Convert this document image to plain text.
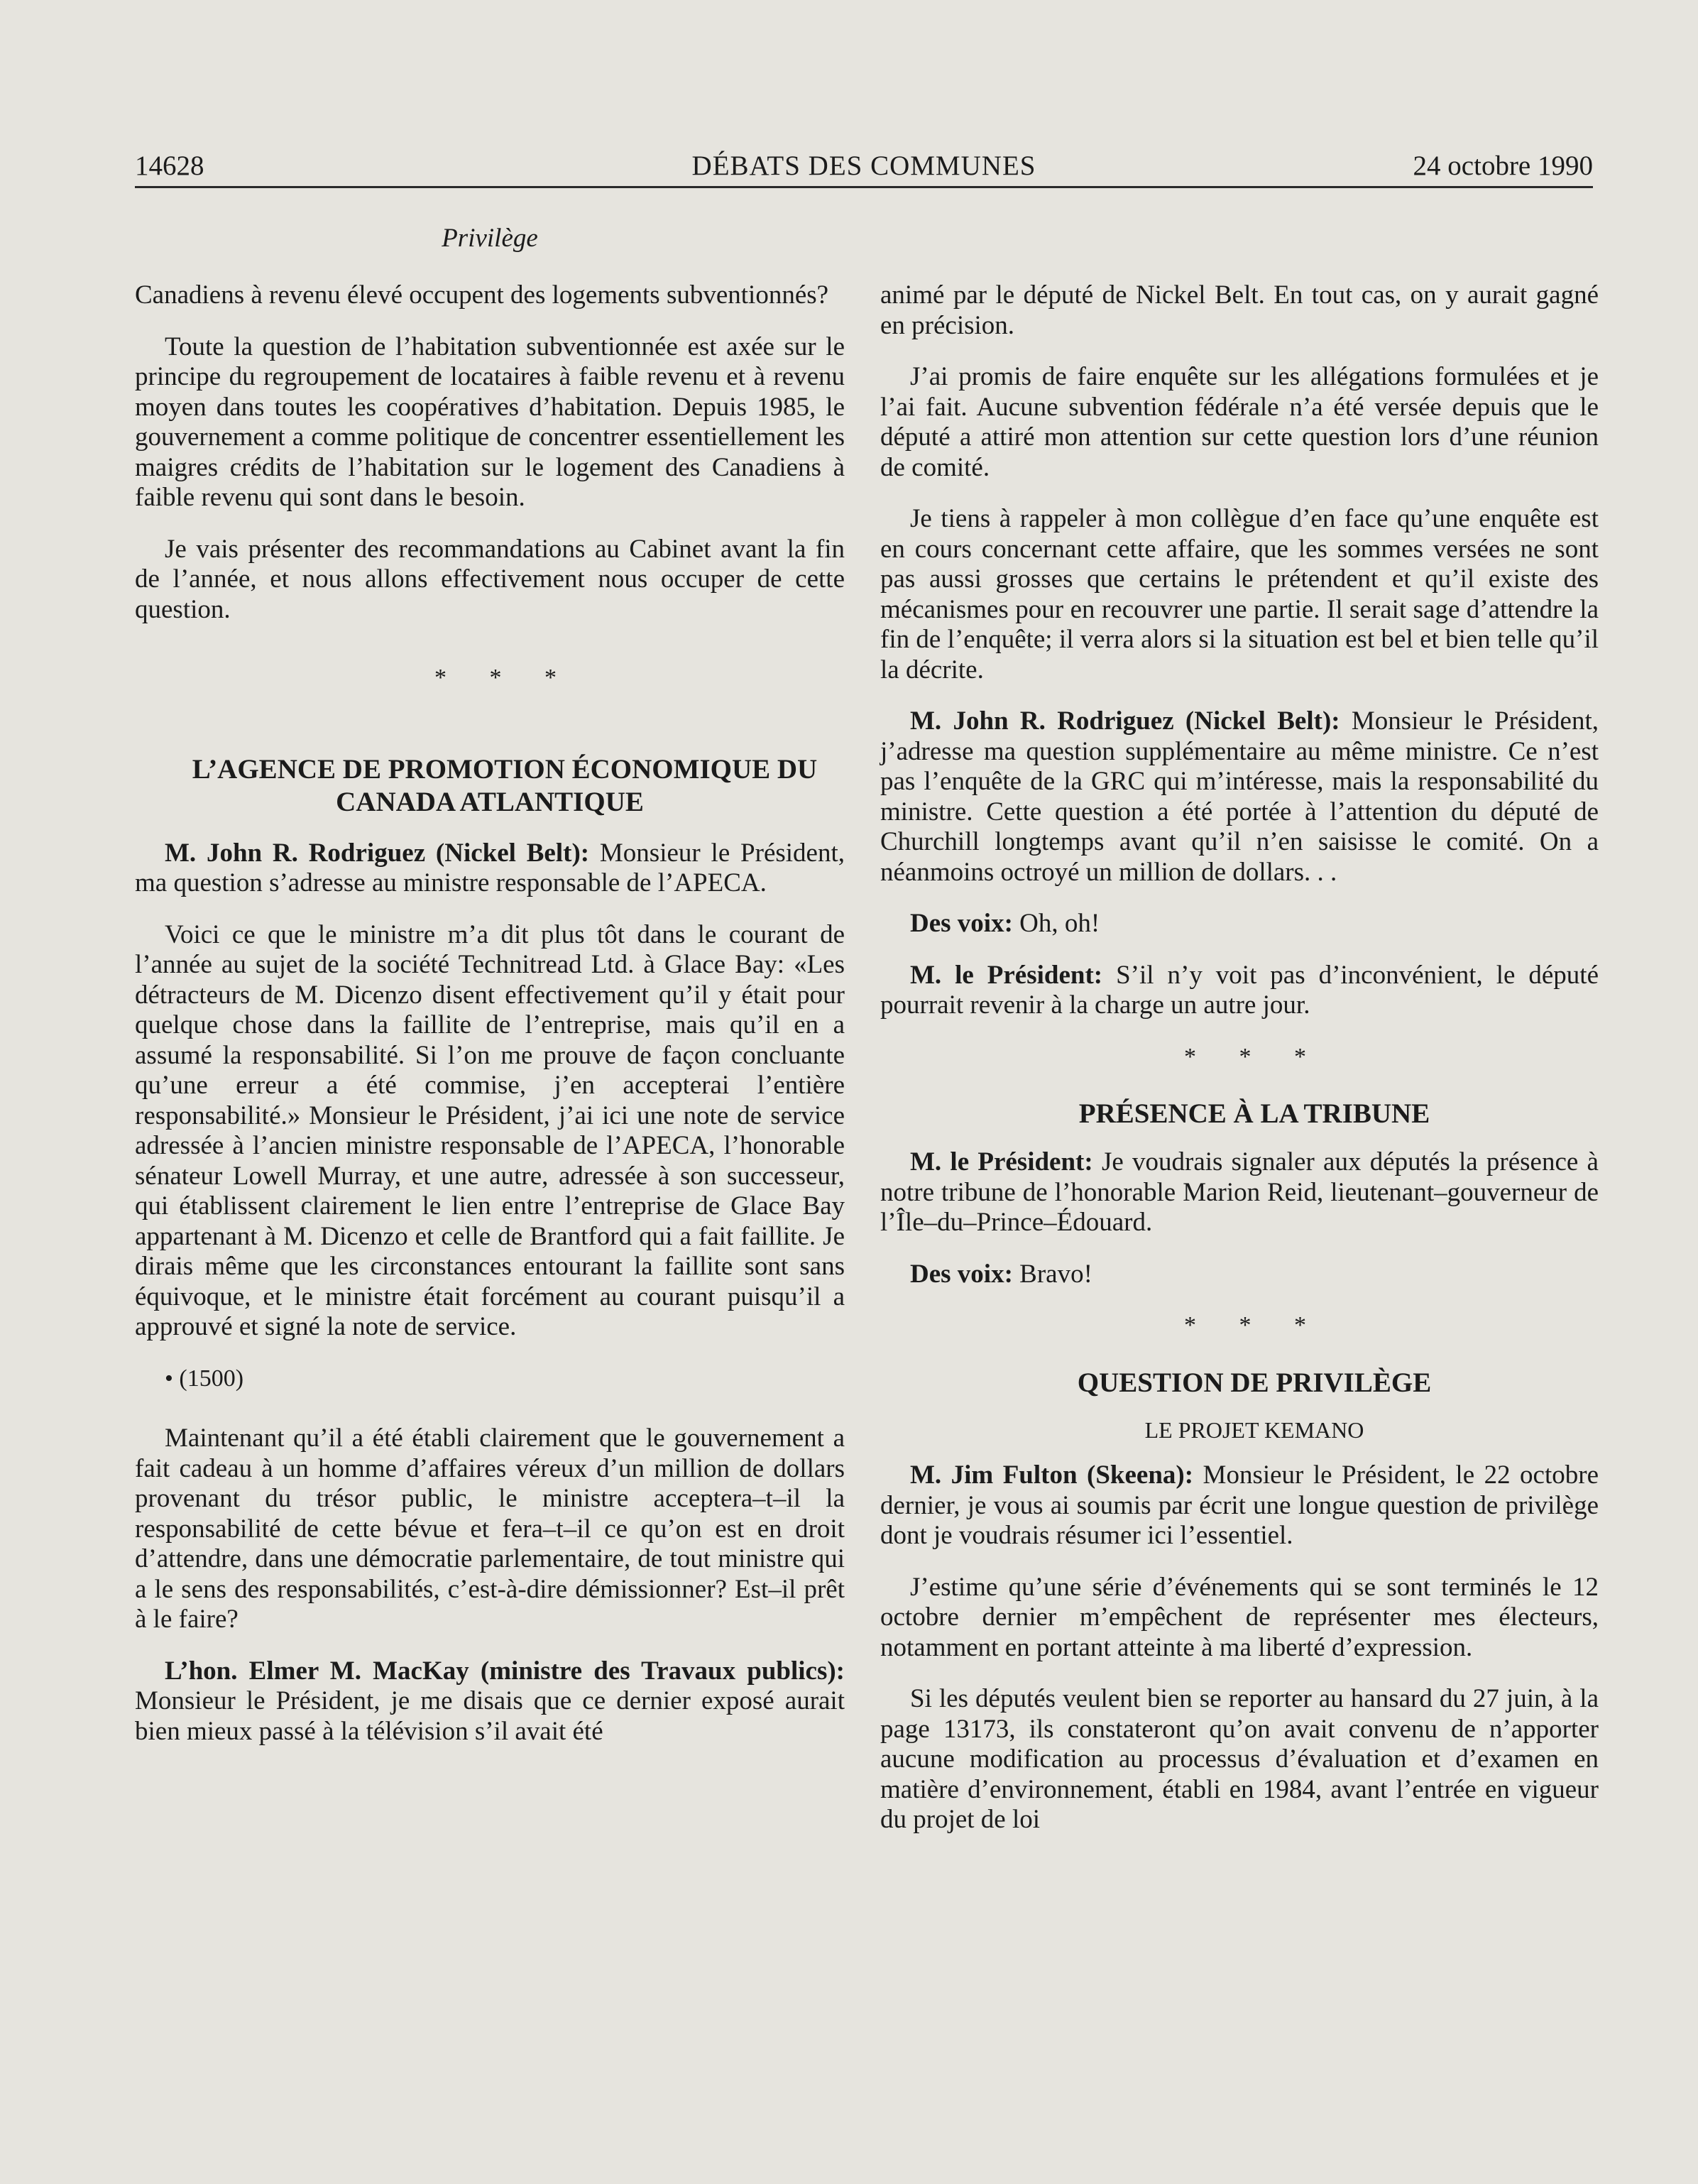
14628	DÉBATS DES COMMUNES	24 octobre 1990
Privilège

Canadiens à revenu élevé occupent des logements subventionnés?

Toute la question de l’habitation subventionnée est axée sur le principe du regroupement de locataires à faible revenu et à revenu moyen dans toutes les coopératives d’habitation. Depuis 1985, le gouvernement a comme politique de concentrer essentiellement les maigres crédits de l’habitation sur le logement des Canadiens à faible revenu qui sont dans le besoin.

Je vais présenter des recommandations au Cabinet avant la fin de l’année, et nous allons effectivement nous occuper de cette question.

* * *

L’AGENCE DE PROMOTION ÉCONOMIQUE DU CANADA ATLANTIQUE

M. John R. Rodriguez (Nickel Belt): Monsieur le Président, ma question s’adresse au ministre responsable de l’APECA.

Voici ce que le ministre m’a dit plus tôt dans le courant de l’année au sujet de la société Technitread Ltd. à Glace Bay: «Les détracteurs de M. Dicenzo disent effectivement qu’il y était pour quelque chose dans la faillite de l’entreprise, mais qu’il en a assumé la responsabilité. Si l’on me prouve de façon concluante qu’une erreur a été commise, j’en accepterai l’entière responsabilité.» Monsieur le Président, j’ai ici une note de service adressée à l’ancien ministre responsable de l’APECA, l’honorable sénateur Lowell Murray, et une autre, adressée à son successeur, qui établissent clairement le lien entre l’entreprise de Glace Bay appartenant à M. Dicenzo et celle de Brantford qui a fait faillite. Je dirais même que les circonstances entourant la faillite sont sans équivoque, et le ministre était forcément au courant puisqu’il a approuvé et signé la note de service.

• (1500)

Maintenant qu’il a été établi clairement que le gouvernement a fait cadeau à un homme d’affaires véreux d’un million de dollars provenant du trésor public, le ministre acceptera–t–il la responsabilité de cette bévue et fera–t–il ce qu’on est en droit d’attendre, dans une démocratie parlementaire, de tout ministre qui a le sens des responsabilités, c’est-à-dire démissionner? Est–il prêt à le faire?

L’hon. Elmer M. MacKay (ministre des Travaux publics): Monsieur le Président, je me disais que ce dernier exposé aurait bien mieux passé à la télévision s’il avait été

animé par le député de Nickel Belt. En tout cas, on y aurait gagné en précision.

J’ai promis de faire enquête sur les allégations formulées et je l’ai fait. Aucune subvention fédérale n’a été versée depuis que le député a attiré mon attention sur cette question lors d’une réunion de comité.

Je tiens à rappeler à mon collègue d’en face qu’une enquête est en cours concernant cette affaire, que les sommes versées ne sont pas aussi grosses que certains le prétendent et qu’il existe des mécanismes pour en recouvrer une partie. Il serait sage d’attendre la fin de l’enquête; il verra alors si la situation est bel et bien telle qu’il la décrite.

M. John R. Rodriguez (Nickel Belt): Monsieur le Président, j’adresse ma question supplémentaire au même ministre. Ce n’est pas l’enquête de la GRC qui m’intéresse, mais la responsabilité du ministre. Cette question a été portée à l’attention du député de Churchill longtemps avant qu’il n’en saisisse le comité. On a néanmoins octroyé un million de dollars. . .

Des voix: Oh, oh!

M. le Président: S’il n’y voit pas d’inconvénient, le député pourrait revenir à la charge un autre jour.

* * *

PRÉSENCE À LA TRIBUNE

M. le Président: Je voudrais signaler aux députés la présence à notre tribune de l’honorable Marion Reid, lieutenant–gouverneur de l’Île–du–Prince–Édouard.

Des voix: Bravo!

* * *

QUESTION DE PRIVILÈGE

LE PROJET KEMANO

M. Jim Fulton (Skeena): Monsieur le Président, le 22 octobre dernier, je vous ai soumis par écrit une longue question de privilège dont je voudrais résumer ici l’essentiel.

J’estime qu’une série d’événements qui se sont terminés le 12 octobre dernier m’empêchent de représenter mes électeurs, notamment en portant atteinte à ma liberté d’expression.

Si les députés veulent bien se reporter au hansard du 27 juin, à la page 13173, ils constateront qu’on avait convenu de n’apporter aucune modification au processus d’évaluation et d’examen en matière d’environnement, établi en 1984, avant l’entrée en vigueur du projet de loi
